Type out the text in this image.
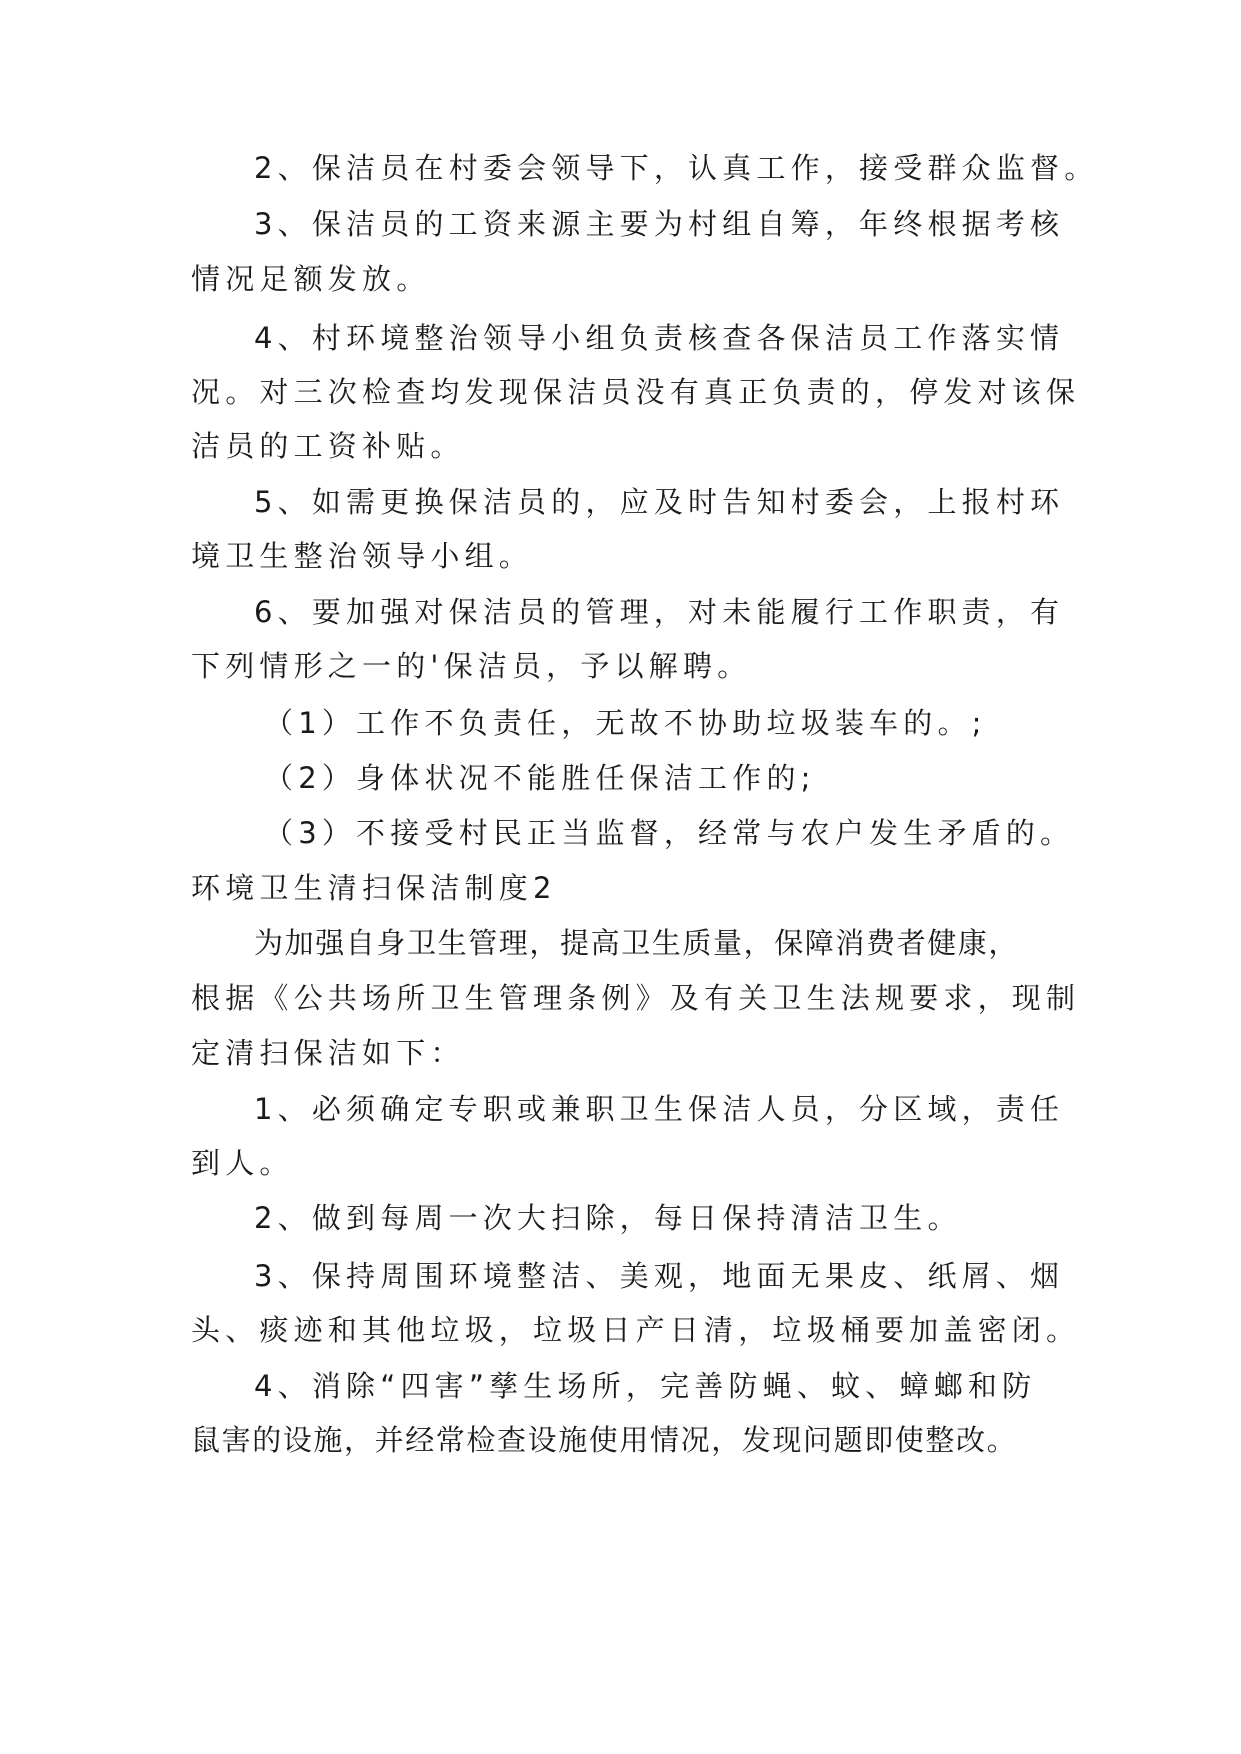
2、保洁员在村委会领导下，认真工作，接受群众监督。
3、保洁员的工资来源主要为村组自筹，年终根据考核
情况足额发放。
4、村环境整治领导小组负责核查各保洁员工作落实情
况。对三次检查均发现保洁员没有真正负责的，停发对该保
洁员的工资补贴。
5、如需更换保洁员的，应及时告知村委会，上报村环
境卫生整治领导小组。
6、要加强对保洁员的管理，对未能履行工作职责，有
下列情形之一的'保洁员，予以解聘。
（1）工作不负责任，无故不协助垃圾装车的。;
（2）身体状况不能胜任保洁工作的;
（3）不接受村民正当监督，经常与农户发生矛盾的。
环境卫生清扫保洁制度2
为加强自身卫生管理，提高卫生质量，保障消费者健康，
根据《公共场所卫生管理条例》及有关卫生法规要求，现制
定清扫保洁如下：
1、必须确定专职或兼职卫生保洁人员，分区域，责任
到人。
2、做到每周一次大扫除，每日保持清洁卫生。
3、保持周围环境整洁、美观，地面无果皮、纸屑、烟
头、痰迹和其他垃圾，垃圾日产日清，垃圾桶要加盖密闭。
4、消除“四害”孳生场所，完善防蝇、蚊、蟑螂和防
鼠害的设施，并经常检查设施使用情况，发现问题即使整改。
